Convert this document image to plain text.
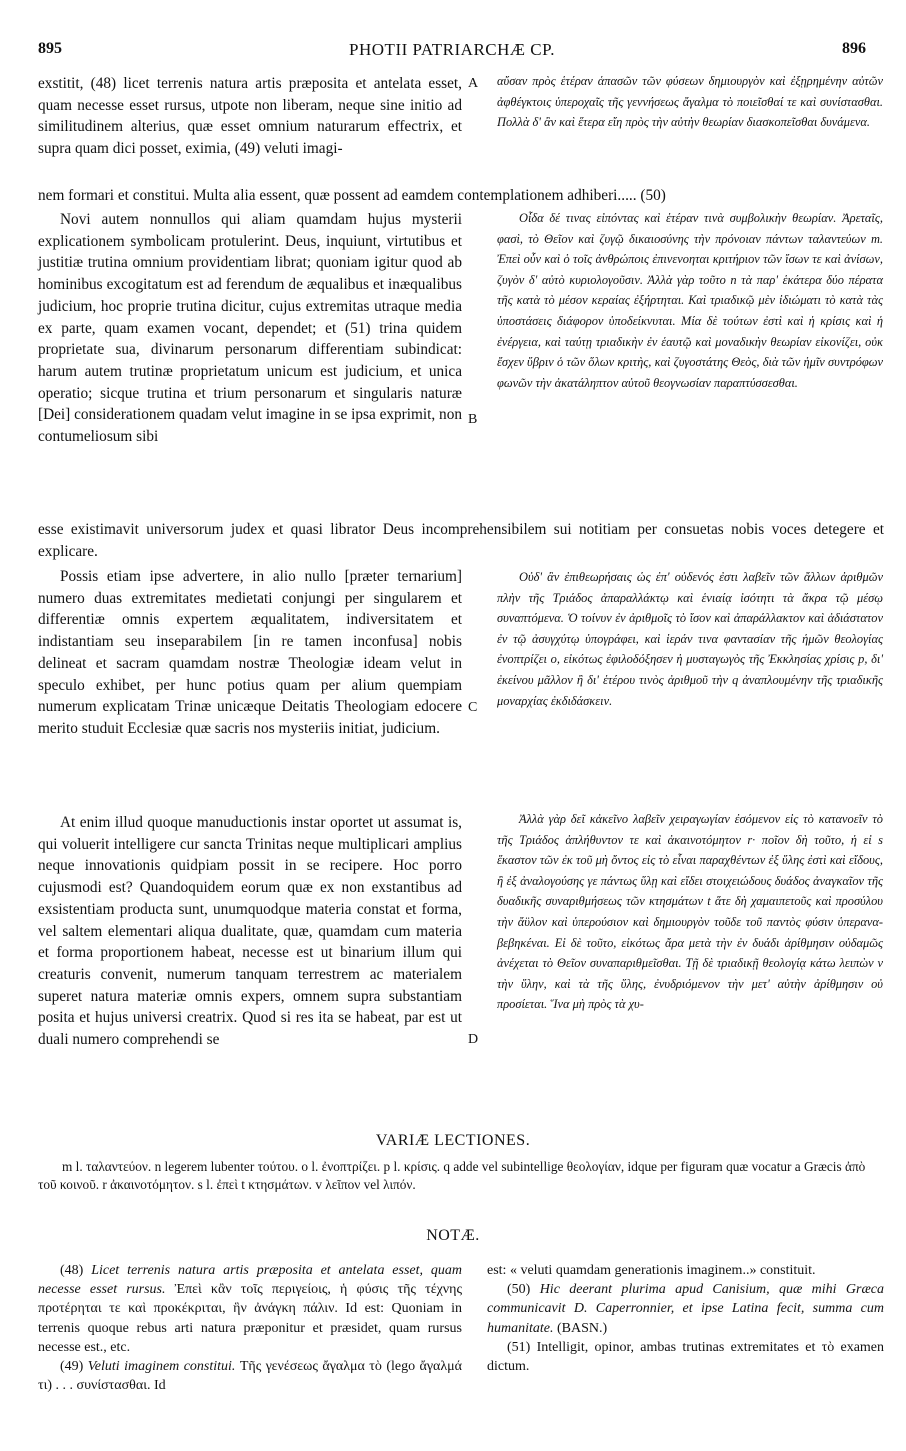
895	PHOTII PATRIARCHÆ CP.	896

exstitit, (48) licet terrenis natura artis præposita et antelata esset, quam necesse esset rursus, utpote non liberam, neque sine initio ad similitudinem alterius, quæ esset omnium naturarum effectrix, et supra quam dici posset, eximia, (49) veluti imagi-

A αὔσαν πρὸς ἑτέραν ἁπασῶν τῶν φύσεων δημιουργὸν καὶ ἐξῃρημένην αὐτῶν ἀφθέγκτοις ὑπεροχαῖς τῆς γεννήσεως ἄγαλμα τὸ ποιεῖσθαί τε καὶ συνίστασθαι. Πολλὰ δ' ἂν καὶ ἕτερα εἴη πρὸς τὴν αὐτὴν θεωρίαν διασκοπεῖσθαι δυνάμενα.

nem formari et constitui. Multa alia essent, quæ possent ad eamdem contemplationem adhiberi..... (50)

Novi autem nonnullos qui aliam quamdam hujus mysterii explicationem symbolicam protulerint. Deus, inquiunt, virtutibus et justitiæ trutina omnium providentiam librat; quoniam igitur quod ab hominibus excogitatum est ad ferendum de æqualibus et inæqualibus judicium, hoc proprie trutina dicitur, cujus extremitas utraque media ex parte, quam examen vocant, dependet; et (51) trina quidem proprietate sua, divinarum personarum differentiam subindicat: harum autem trutinæ proprietatum unicum est judicium, et unica operatio; sicque trutina et trium personarum et singularis naturæ [Dei] considerationem quadam velut imagine in se ipsa exprimit, non contumeliosum sibi

B

Οἶδα δέ τινας εἰπόντας καὶ ἑτέραν τινὰ συμβολικὴν θεωρίαν. Ἀρεταῖς, φασὶ, τὸ Θεῖον καὶ ζυγῷ δικαιοσύνης τὴν πρόνοιαν πάντων ταλαντεύων m. Ἐπεὶ οὖν καὶ ὁ τοῖς ἀνθρώποις ἐπινενοηται κριτήριον τῶν ἴσων τε καὶ ἀνίσων, ζυγὸν δ' αὐτὸ κυριολογοῦσιν. Ἀλλὰ γὰρ τοῦτο n τὰ παρ' ἑκάτερα δύο πέρατα τῆς κατὰ τὸ μέσον κεραίας ἐξήρτηται. Καὶ τριαδικῷ μὲν ἰδιώματι τὸ κατὰ τὰς ὑποστάσεις διάφορον ὑποδείκνυται. Μία δὲ τούτων ἐστὶ καὶ ἡ κρίσις καὶ ἡ ἐνέργεια, καὶ ταύτῃ τριαδικὴν ἐν ἑαυτῷ καὶ μοναδικὴν θεωρίαν εἰκονίζει, οὐκ ἔσχεν ὕβριν ὁ τῶν ὅλων κριτὴς, καὶ ζυγοστάτης Θεὸς, διὰ τῶν ἡμῖν συντρόφων φωνῶν τὴν ἀκατάληπτον αὐτοῦ θεογνωσίαν παραπτύσσεσθαι.

esse existimavit universorum judex et quasi librator Deus incomprehensibilem sui notitiam per consuetas nobis voces detegere et explicare.

Possis etiam ipse advertere, in alio nullo [præter ternarium] numero duas extremitates medietati conjungi per singularem et differentiæ omnis expertem æqualitatem, indiversitatem et indistantiam seu inseparabilem [in re tamen inconfusa] nobis delineat et sacram quamdam nostræ Theologiæ ideam velut in speculo exhibet, per hunc potius quam per alium quempiam numerum explicatam Trinæ unicæque Deitatis Theologiam edocere merito studuit Ecclesiæ quæ sacris nos mysteriis initiat, judicium.

C

Οὐδ' ἂν ἐπιθεωρήσαις ὡς ἐπ' οὐδενός ἐστι λαβεῖν τῶν ἄλλων ἀριθμῶν πλὴν τῆς Τριάδος ἀπαραλλάκτῳ καὶ ἑνιαίᾳ ἰσότητι τὰ ἄκρα τῷ μέσῳ συναπτόμενα. Ὁ τοίνυν ἐν ἀριθμοῖς τὸ ἴσον καὶ ἀπαράλλακτον καὶ ἀδιάστατον ἐν τῷ ἀσυγχύτῳ ὑπογράφει, καὶ ἱεράν τινα φαντασίαν τῆς ἡμῶν θεολογίας ἐνοπτρίζει o, εἰκότως ἐφιλοδόξησεν ἡ μυσταγωγὸς τῆς Ἐκκλησίας χρίσις p, δι' ἐκείνου μᾶλλον ἢ δι' ἑτέρου τινὸς ἀριθμοῦ τὴν q ἀναπλουμένην τῆς τριαδικῆς μοναρχίας ἐκδιδάσκειν.

At enim illud quoque manuductionis instar oportet ut assumat is, qui voluerit intelligere cur sancta Trinitas neque multiplicari amplius neque innovationis quidpiam possit in se recipere. Hoc porro cujusmodi est? Quandoquidem eorum quæ ex non exstantibus ad exsistentiam producta sunt, unumquodque materia constat et forma, vel saltem elementari aliqua dualitate, quæ, quamdam cum materia et forma proportionem habeat, necesse est ut binarium illum qui creaturis convenit, numerum tanquam terrestrem ac materialem superet natura materiæ omnis expers, omnem supra substantiam posita et hujus universi creatrix. Quod si res ita se habeat, par est ut duali numero comprehendi se	D

Ἀλλὰ γὰρ δεῖ κἀκεῖνο λαβεῖν χειραγωγίαν ἐσόμενον εἰς τὸ κατανοεῖν τὸ τῆς Τριάδος ἀπλήθυντον τε καὶ ἀκαινοτόμητον r· ποῖον δὴ τοῦτο, ἡ εἰ s ἕκαστον τῶν ἐκ τοῦ μὴ ὄντος εἰς τὸ εἶναι παραχθέντων ἐξ ὕλης ἐστὶ καὶ εἴδους, ἢ ἐξ ἀναλογούσης γε πάντως ὕλῃ καὶ εἴδει στοιχειώδους δυάδος ἀναγκαῖον τῆς δυαδικῆς συναριθμήσεως τῶν κτησμάτων t ἅτε δὴ χαμαιπετοῦς καὶ προσύλου τὴν ἄϋλον καὶ ὑπερούσιον καὶ δημιουργὸν τοῦδε τοῦ παντὸς φύσιν ὑπερανα-βεβηκέναι. Εἰ δὲ τοῦτο, εἰκότως ἄρα μετὰ τὴν ἐν δυάδι ἀρίθμησιν οὐδαμῶς ἀνέχεται τὸ Θεῖον συναπαριθμεῖσθαι. Τῇ δὲ τριαδικῇ θεολογίᾳ κάτω λειπὼν v τὴν ὕλην, καὶ τὰ τῆς ὕλης, ἐνυδριόμενον τὴν μετ' αὐτὴν ἀρίθμησιν οὐ προσίεται. Ἵνα μὴ πρὸς τὰ χυ-

VARIÆ LECTIONES.

m l. ταλαντεύον. n legerem lubenter τούτου. o l. ἐνοπτρίζει. p l. κρίσις. q adde vel subintellige θεολογίαν, idque per figuram quæ vocatur a Græcis ἀπὸ τοῦ κοινοῦ. r ἀκαινοτόμητον. s l. ἐπεὶ t κτησμάτων. v λεῖπον vel λιπόν.

NOTÆ.

(48) Licet terrenis natura artis præposita et antelata esset, quam necesse esset rursus. Ἐπεὶ κἂν τοῖς περιγείοις, ἡ φύσις τῆς τέχνης προτέρηται τε καὶ προκέκριται, ἣν ἀνάγκη πάλιν. Id est: Quoniam in terrenis quoque rebus arti natura præponitur et præsidet, quam rursus necesse est., etc.

(49) Veluti imaginem constitui. Τῆς γενέσεως ἄγαλμα τὸ (lego ἄγαλμά τι) . . . συνίστασθαι. Id

est: « veluti quamdam generationis imaginem..» constituit.

(50) Hic deerant plurima apud Canisium, quæ mihi Græca communicavit D. Caperronnier, et ipse Latina fecit, summa cum humanitate. (BASN.)

(51) Intelligit, opinor, ambas trutinas extremitates et τὸ examen dictum.
